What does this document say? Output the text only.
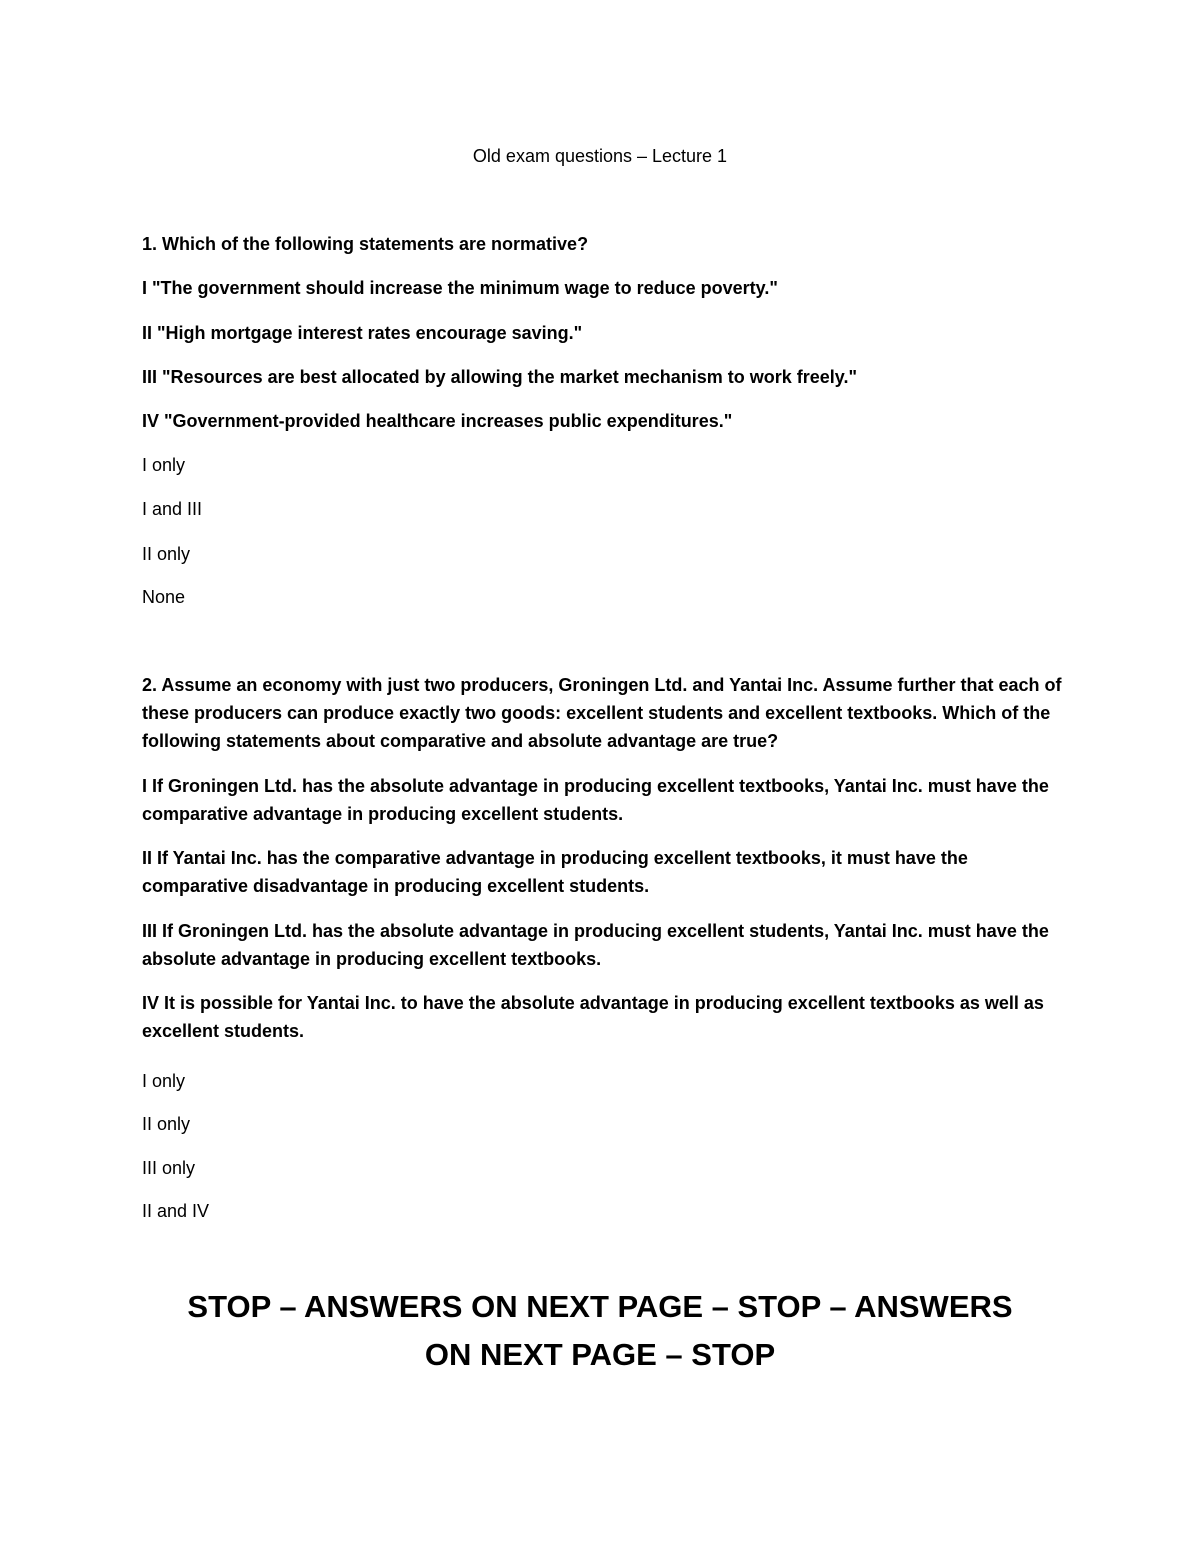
Old exam questions – Lecture 1

1. Which of the following statements are normative?

I "The government should increase the minimum wage to reduce poverty."

II "High mortgage interest rates encourage saving."

III "Resources are best allocated by allowing the market mechanism to work freely."

IV "Government-provided healthcare increases public expenditures."

I only

I and III

II only

None

2. Assume an economy with just two producers, Groningen Ltd. and Yantai Inc. Assume further that each of these producers can produce exactly two goods: excellent students and excellent textbooks. Which of the following statements about comparative and absolute advantage are true?

I If Groningen Ltd. has the absolute advantage in producing excellent textbooks, Yantai Inc. must have the comparative advantage in producing excellent students.

II If Yantai Inc. has the comparative advantage in producing excellent textbooks, it must have the comparative disadvantage in producing excellent students.

III If Groningen Ltd. has the absolute advantage in producing excellent students, Yantai Inc. must have the absolute advantage in producing excellent textbooks.

IV It is possible for Yantai Inc. to have the absolute advantage in producing excellent textbooks as well as excellent students.

I only

II only

III only

II and IV

STOP – ANSWERS ON NEXT PAGE – STOP – ANSWERS ON NEXT PAGE – STOP
